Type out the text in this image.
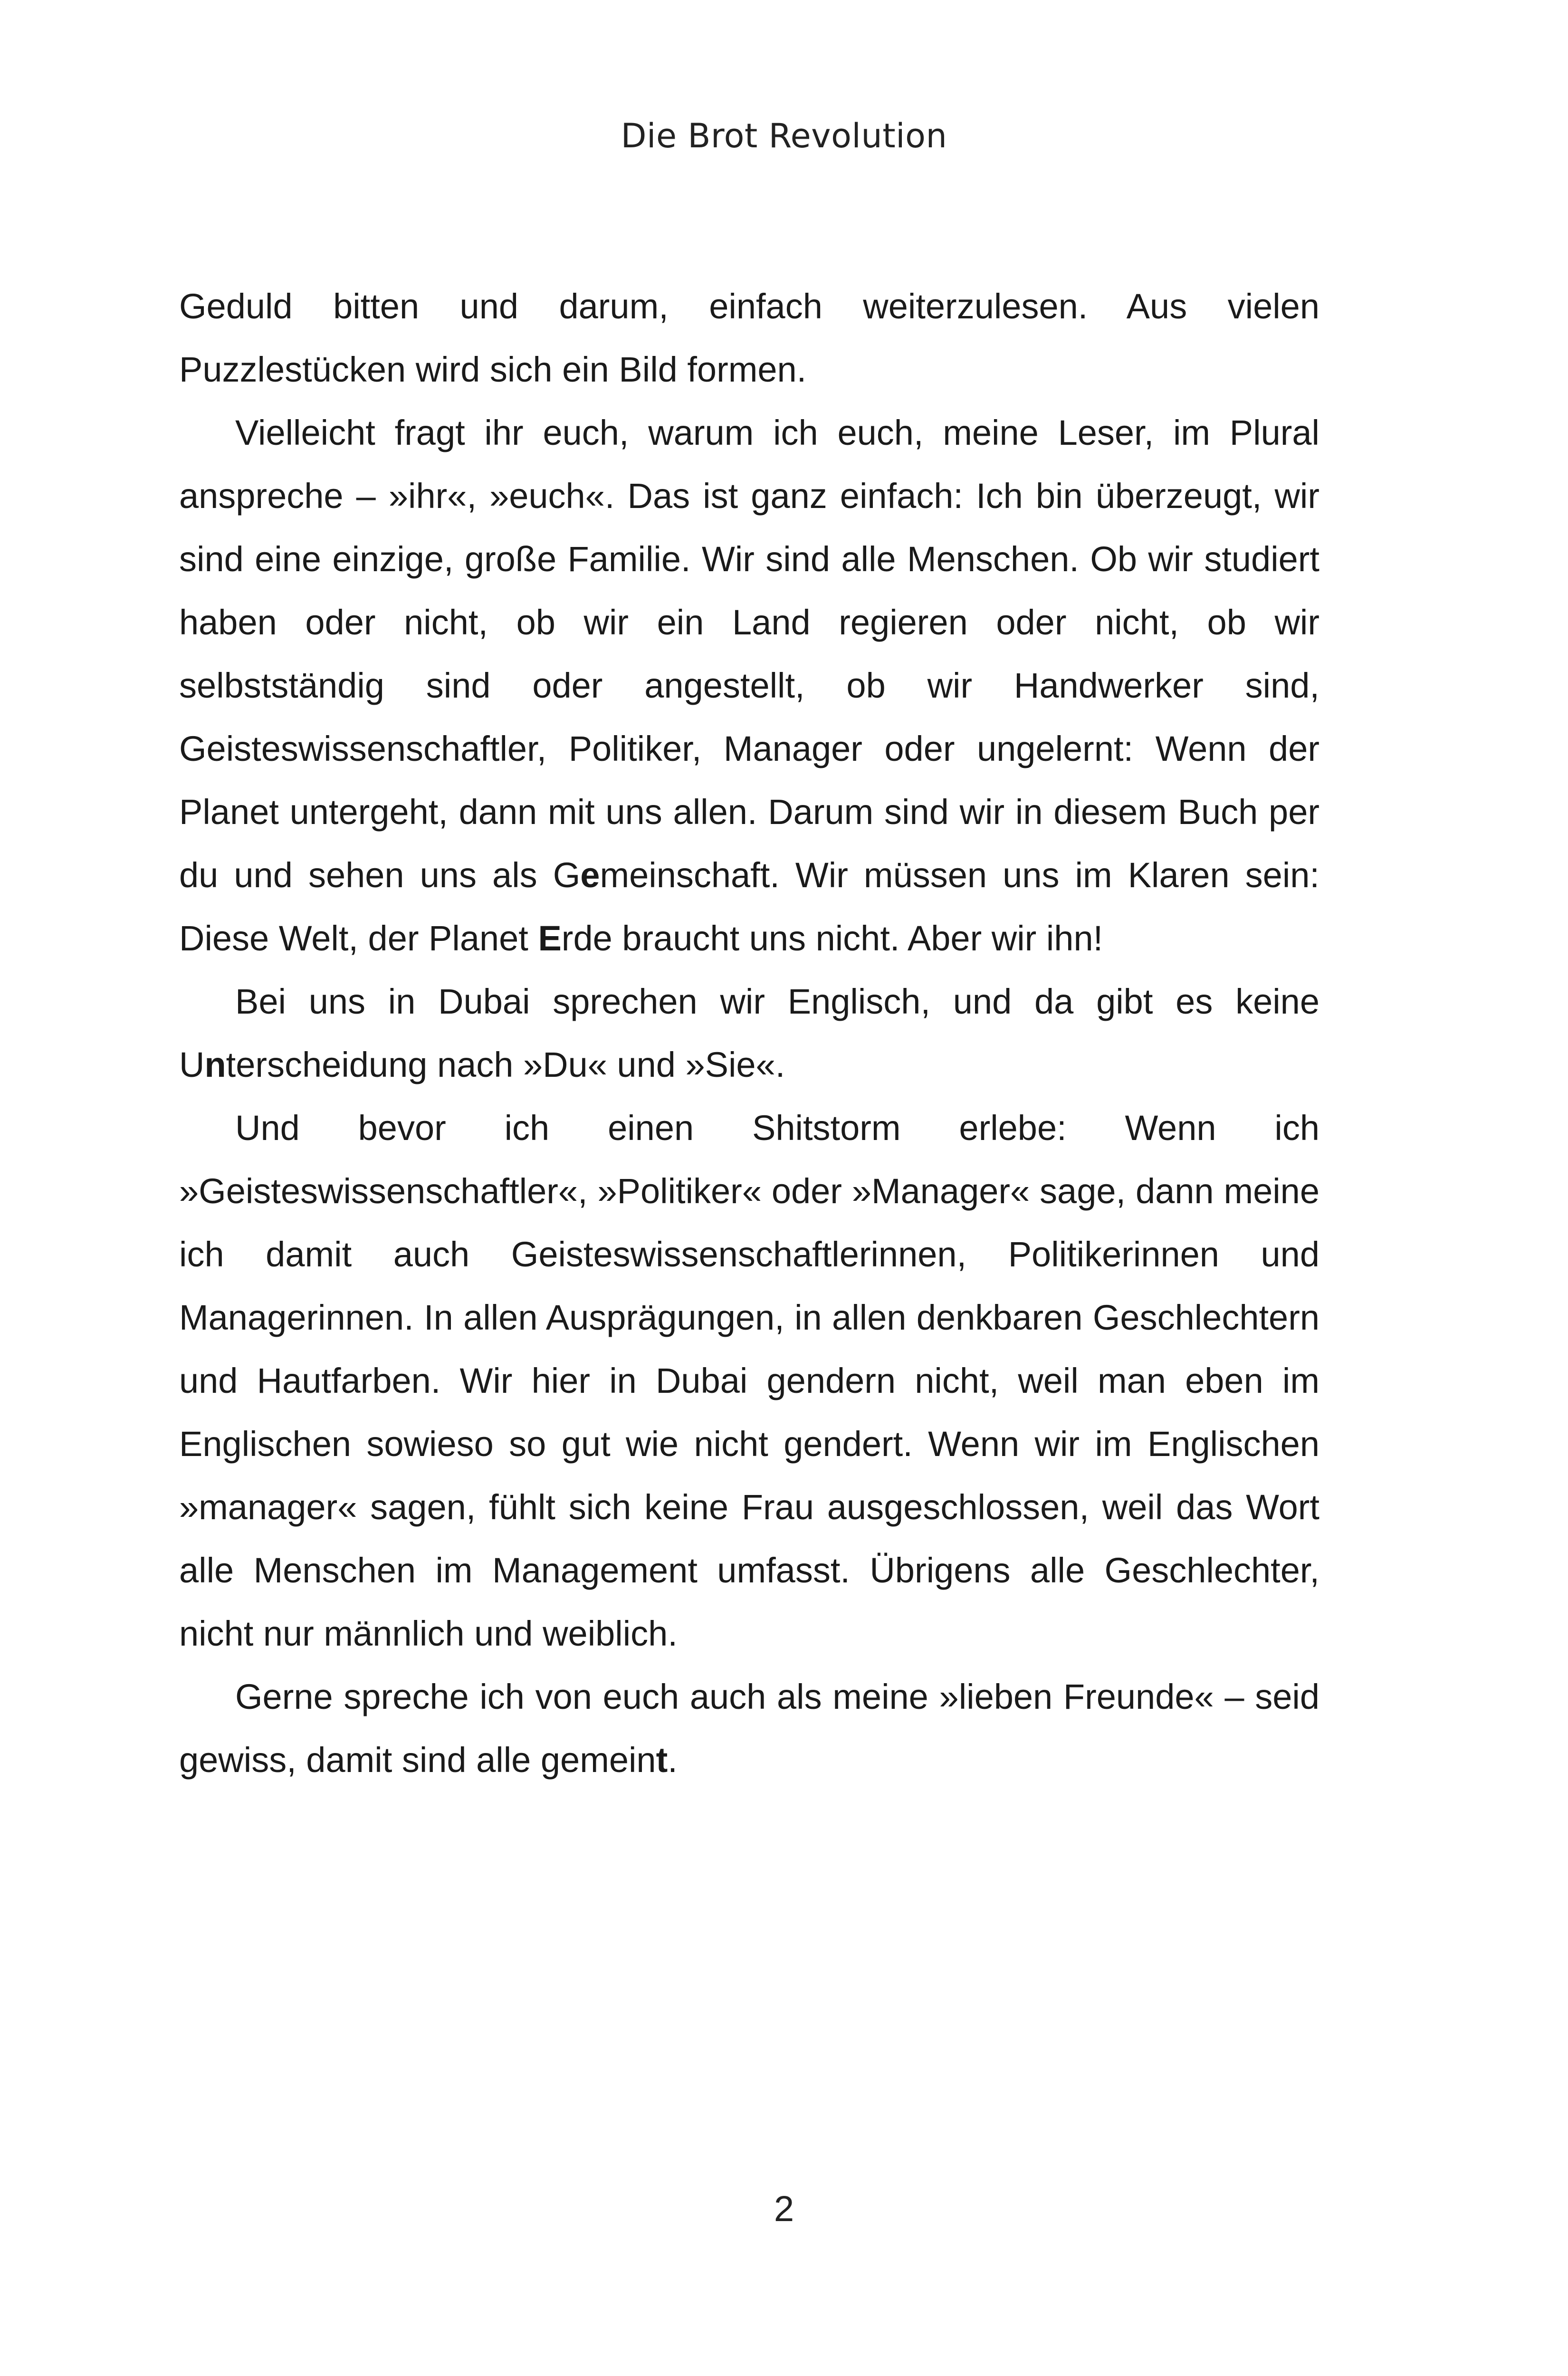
Die Brot Revolution

Geduld bitten und darum, einfach weiterzulesen. Aus vielen Puzzlestücken wird sich ein Bild formen.

Vielleicht fragt ihr euch, warum ich euch, meine Leser, im Plural anspreche – »ihr«, »euch«. Das ist ganz einfach: Ich bin überzeugt, wir sind eine einzige, große Familie. Wir sind alle Menschen. Ob wir studiert haben oder nicht, ob wir ein Land regieren oder nicht, ob wir selbstständig sind oder angestellt, ob wir Handwerker sind, Geisteswissenschaftler, Politiker, Manager oder ungelernt: Wenn der Planet untergeht, dann mit uns allen. Darum sind wir in diesem Buch per du und sehen uns als Gemeinschaft. Wir müssen uns im Klaren sein: Diese Welt, der Planet Erde braucht uns nicht. Aber wir ihn!

Bei uns in Dubai sprechen wir Englisch, und da gibt es keine Unterscheidung nach »Du« und »Sie«.

Und bevor ich einen Shitstorm erlebe: Wenn ich »Geisteswissenschaftler«, »Politiker« oder »Manager« sage, dann meine ich damit auch Geisteswissenschaftlerinnen, Politikerinnen und Managerinnen. In allen Ausprägungen, in allen denkbaren Geschlechtern und Hautfarben. Wir hier in Dubai gendern nicht, weil man eben im Englischen sowieso so gut wie nicht gendert. Wenn wir im Englischen »manager« sagen, fühlt sich keine Frau ausgeschlossen, weil das Wort alle Menschen im Management umfasst. Übrigens alle Geschlechter, nicht nur männlich und weiblich.

Gerne spreche ich von euch auch als meine »lieben Freunde« – seid gewiss, damit sind alle gemeint.

2
